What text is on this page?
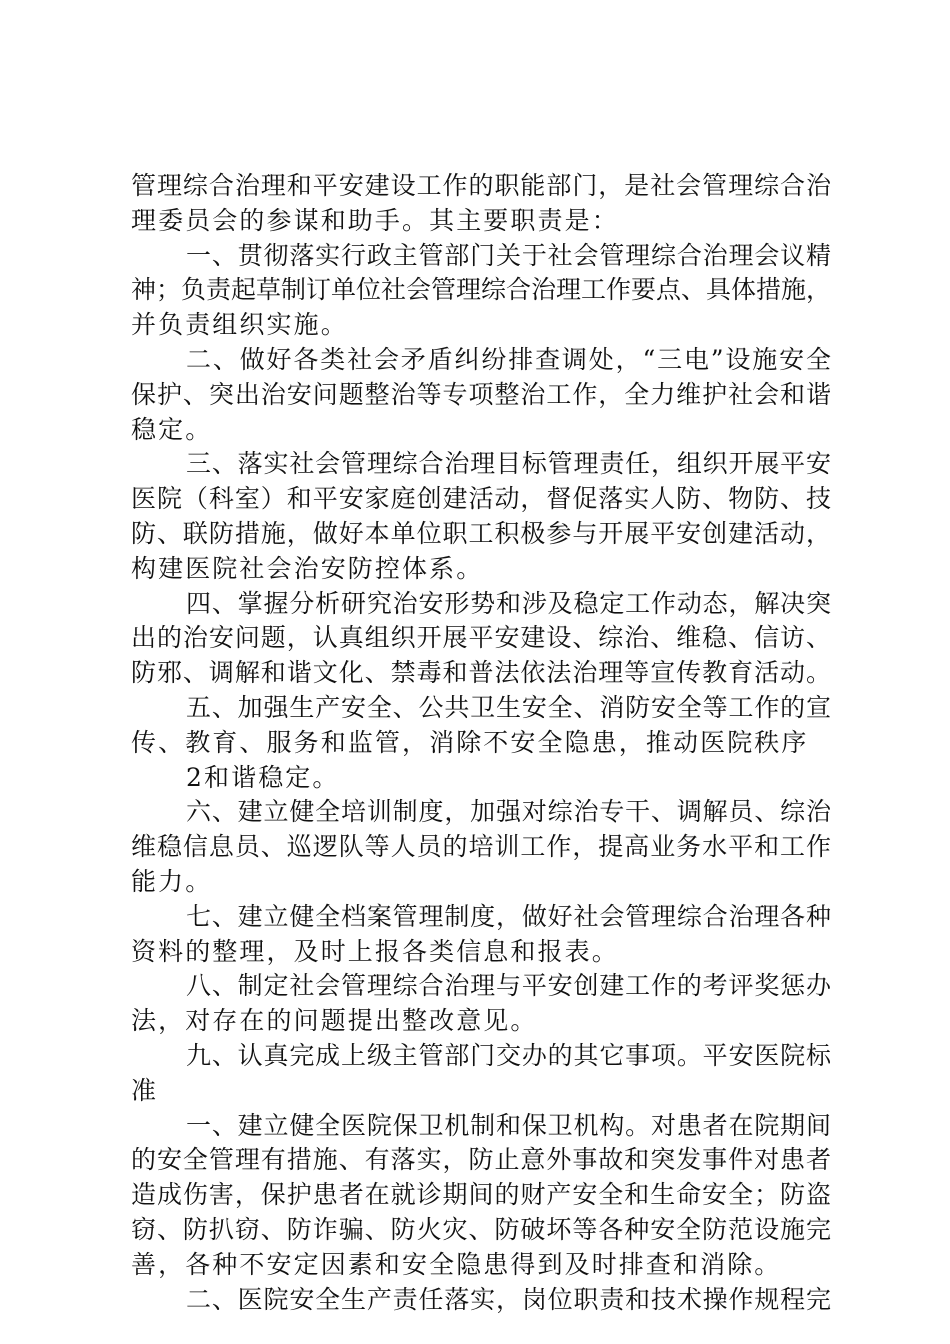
管理综合治理和平安建设工作的职能部门，是社会管理综合治
理委员会的参谋和助手。其主要职责是：
一、贯彻落实行政主管部门关于社会管理综合治理会议精
神；负责起草制订单位社会管理综合治理工作要点、具体措施，
并负责组织实施。
二、做好各类社会矛盾纠纷排查调处，“三电”设施安全
保护、突出治安问题整治等专项整治工作，全力维护社会和谐
稳定。
三、落实社会管理综合治理目标管理责任，组织开展平安
医院（科室）和平安家庭创建活动，督促落实人防、物防、技
防、联防措施，做好本单位职工积极参与开展平安创建活动，
构建医院社会治安防控体系。
四、掌握分析研究治安形势和涉及稳定工作动态，解决突
出的治安问题，认真组织开展平安建设、综治、维稳、信访、
防邪、调解和谐文化、禁毒和普法依法治理等宣传教育活动。
五、加强生产安全、公共卫生安全、消防安全等工作的宣
传、教育、服务和监管，消除不安全隐患，推动医院秩序
2和谐稳定。
六、建立健全培训制度，加强对综治专干、调解员、综治
维稳信息员、巡逻队等人员的培训工作，提高业务水平和工作
能力。
七、建立健全档案管理制度，做好社会管理综合治理各种
资料的整理，及时上报各类信息和报表。
八、制定社会管理综合治理与平安创建工作的考评奖惩办
法，对存在的问题提出整改意见。
九、认真完成上级主管部门交办的其它事项。平安医院标
准
一、建立健全医院保卫机制和保卫机构。对患者在院期间
的安全管理有措施、有落实，防止意外事故和突发事件对患者
造成伤害，保护患者在就诊期间的财产安全和生命安全；防盗
窃、防扒窃、防诈骗、防火灾、防破坏等各种安全防范设施完
善，各种不安定因素和安全隐患得到及时排查和消除。
二、医院安全生产责任落实，岗位职责和技术操作规程完
